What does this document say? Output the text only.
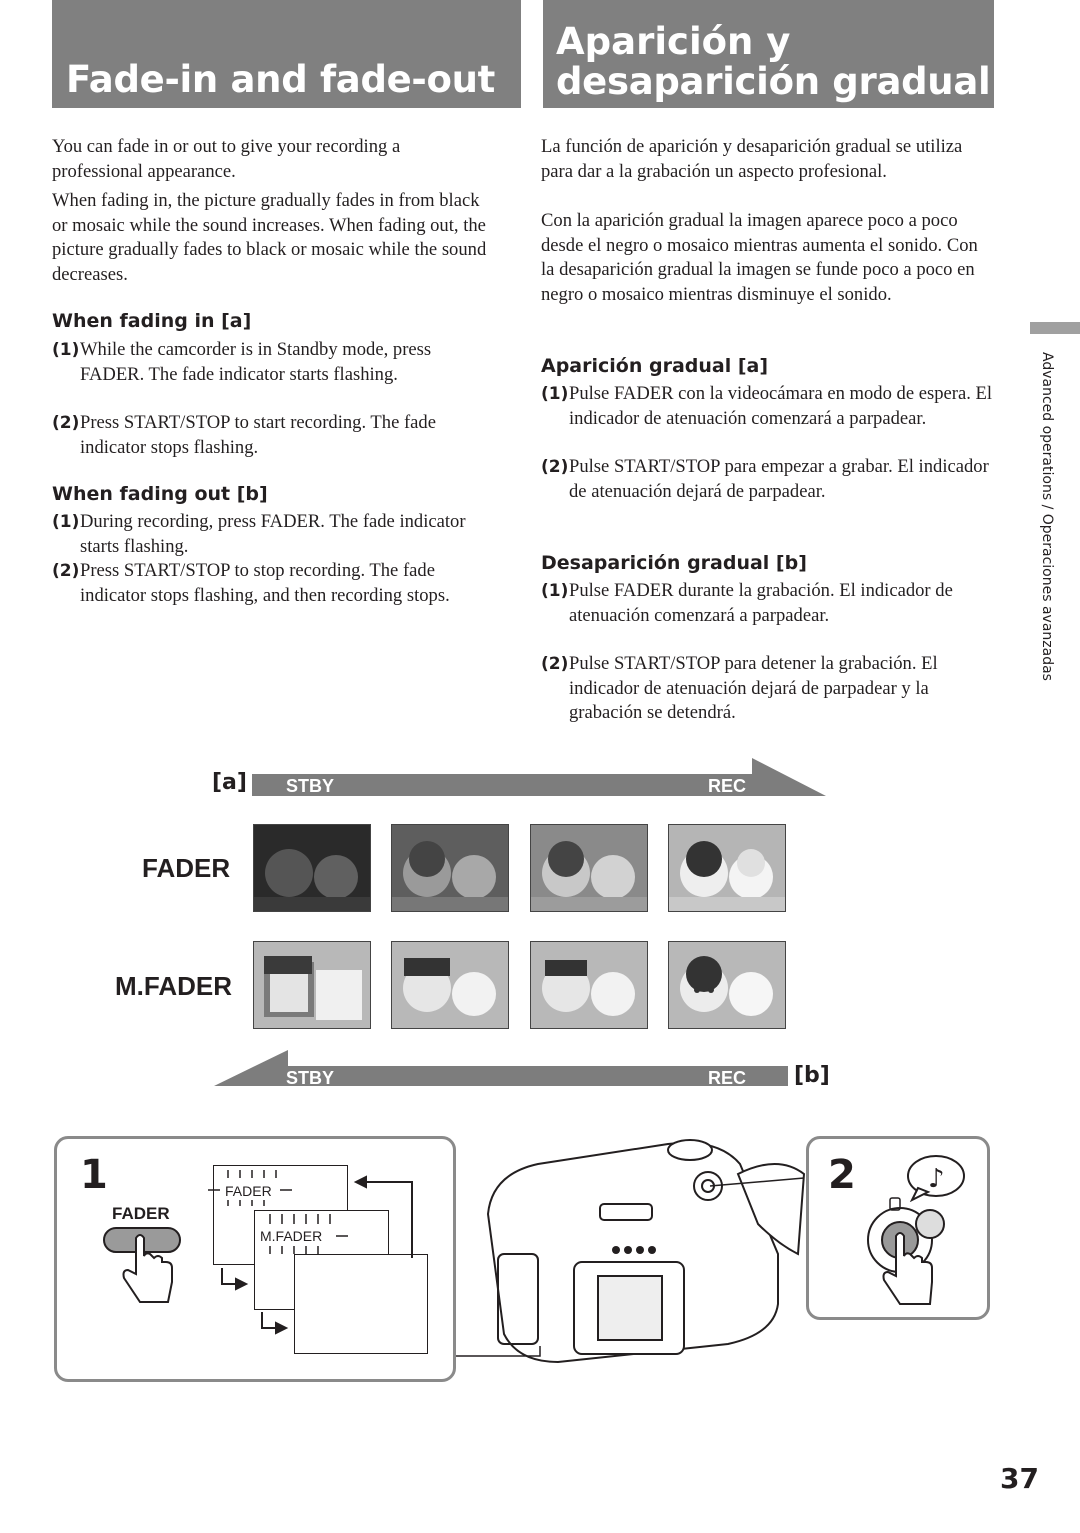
Fade-in and fade-out
Aparición y
desaparición gradual

You can fade in or out to give your recording a professional appearance.

When fading in, the picture gradually fades in from black or mosaic while the sound increases. When fading out, the picture gradually fades to black or mosaic while the sound decreases.

When fading in [a]
(1) While the camcorder is in Standby mode, press FADER. The fade indicator starts flashing.
(2) Press START/STOP to start recording. The fade indicator stops flashing.
When fading out [b]
(1) During recording, press FADER. The fade indicator starts flashing.
(2) Press START/STOP to stop recording. The fade indicator stops flashing, and then recording stops.

La función de aparición y desaparición gradual se utiliza para dar a la grabación un aspecto profesional.

Con la aparición gradual la imagen aparece poco a poco desde el negro o mosaico mientras aumenta el sonido. Con la desaparición gradual la imagen se funde poco a poco en negro o mosaico mientras disminuye el sonido.

Aparición gradual [a]
(1) Pulse FADER con la videocámara en modo de espera. El indicador de atenuación comenzará a parpadear.
(2) Pulse START/STOP para empezar a grabar. El indicador de atenuación dejará de parpadear.
Desaparición gradual [b]
(1) Pulse FADER durante la grabación. El indicador de atenuación comenzará a parpadear.
(2) Pulse START/STOP para detener la grabación. El indicador de atenuación dejará de parpadear y la grabación se detendrá.
Advanced operations / Operaciones avanzadas
[a] STBY	REC
FADER
M.FADER
STBY	REC [b]
1
FADER
FADER
M.FADER
2	♪
37
